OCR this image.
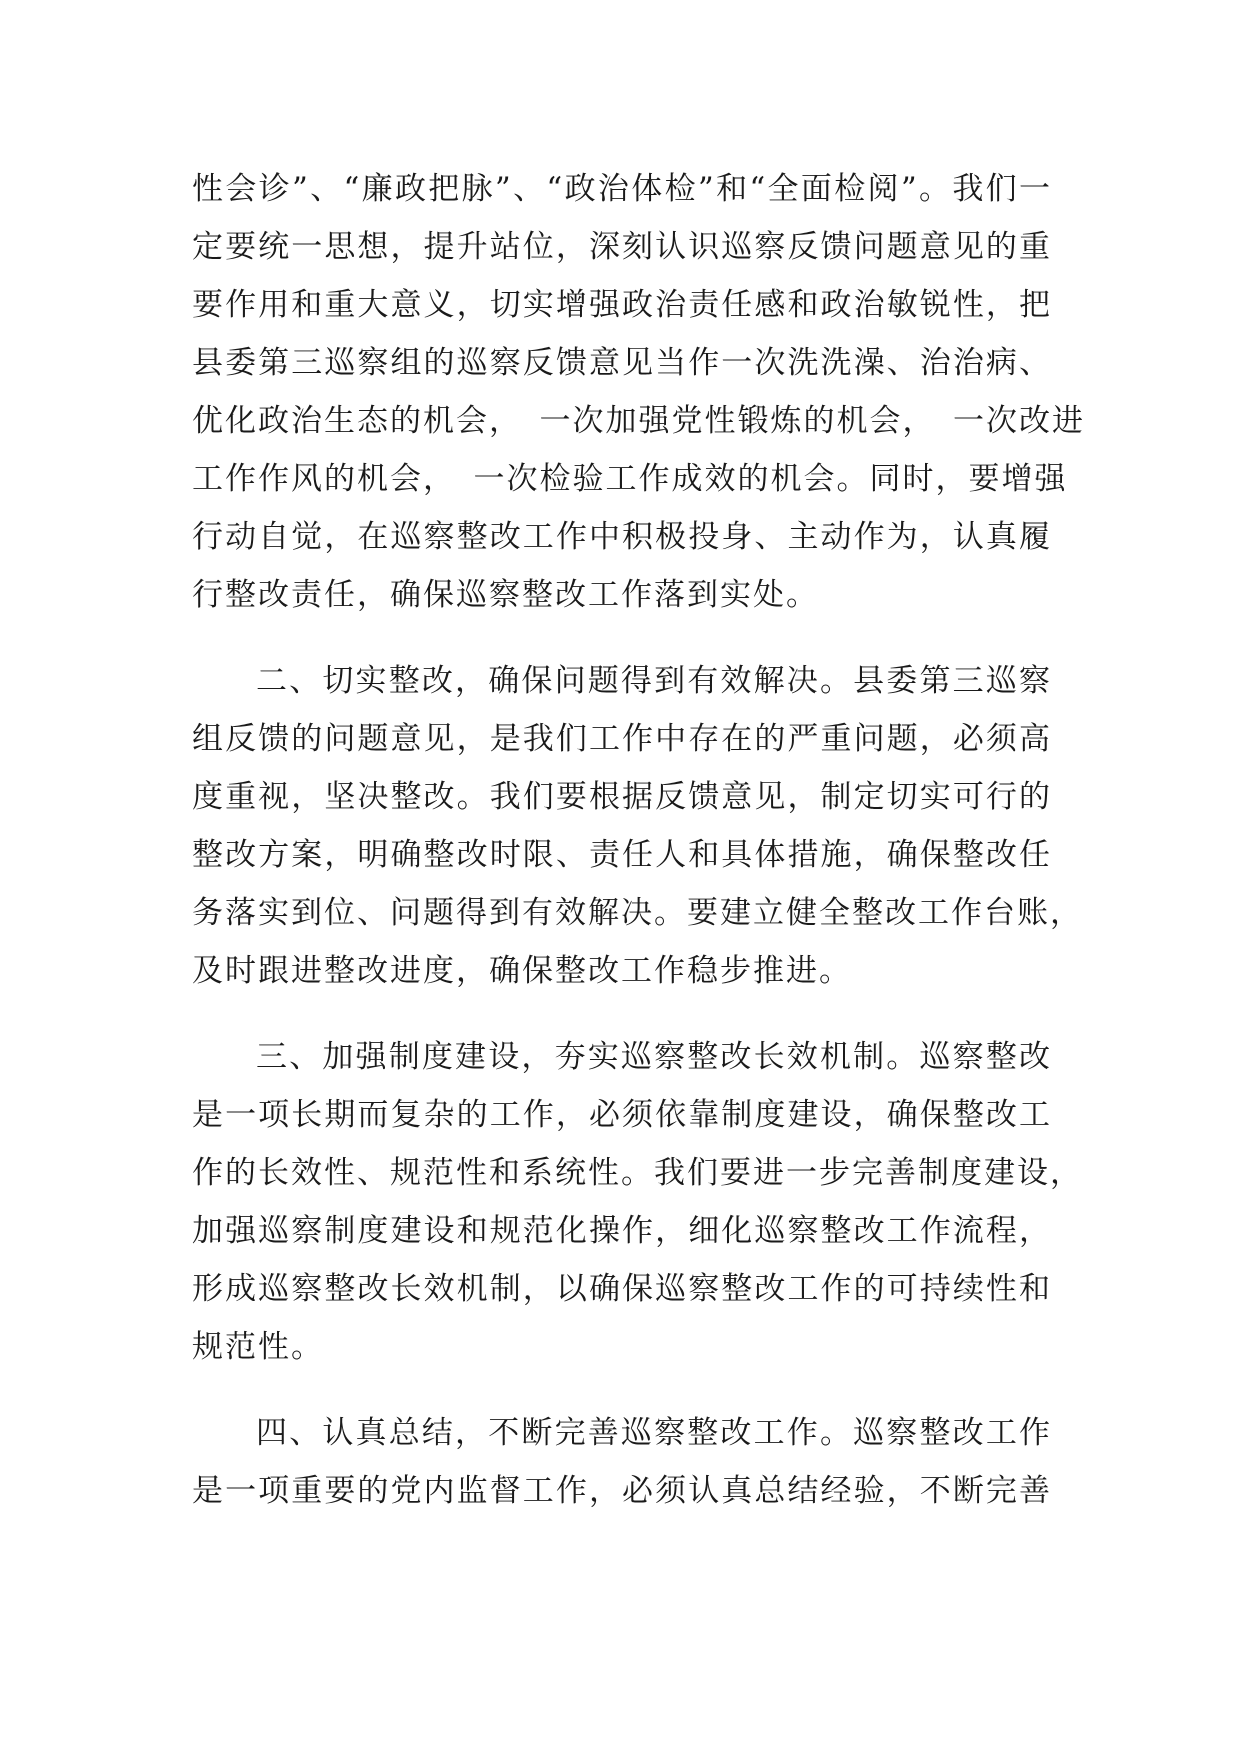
性会诊”、“廉政把脉”、“政治体检”和“全面检阅”。我们一
定要统一思想，提升站位，深刻认识巡察反馈问题意见的重
要作用和重大意义，切实增强政治责任感和政治敏锐性，把
县委第三巡察组的巡察反馈意见当作一次洗洗澡、治治病、
优化政治生态的机会，　一次加强党性锻炼的机会，　一次改进
工作作风的机会，　一次检验工作成效的机会。同时，要增强
行动自觉，在巡察整改工作中积极投身、主动作为，认真履
行整改责任，确保巡察整改工作落到实处。
二、切实整改，确保问题得到有效解决。县委第三巡察
组反馈的问题意见，是我们工作中存在的严重问题，必须高
度重视，坚决整改。我们要根据反馈意见，制定切实可行的
整改方案，明确整改时限、责任人和具体措施，确保整改任
务落实到位、问题得到有效解决。要建立健全整改工作台账，
及时跟进整改进度，确保整改工作稳步推进。
三、加强制度建设，夯实巡察整改长效机制。巡察整改
是一项长期而复杂的工作，必须依靠制度建设，确保整改工
作的长效性、规范性和系统性。我们要进一步完善制度建设，
加强巡察制度建设和规范化操作，细化巡察整改工作流程，
形成巡察整改长效机制，以确保巡察整改工作的可持续性和
规范性。
四、认真总结，不断完善巡察整改工作。巡察整改工作
是一项重要的党内监督工作，必须认真总结经验，不断完善
